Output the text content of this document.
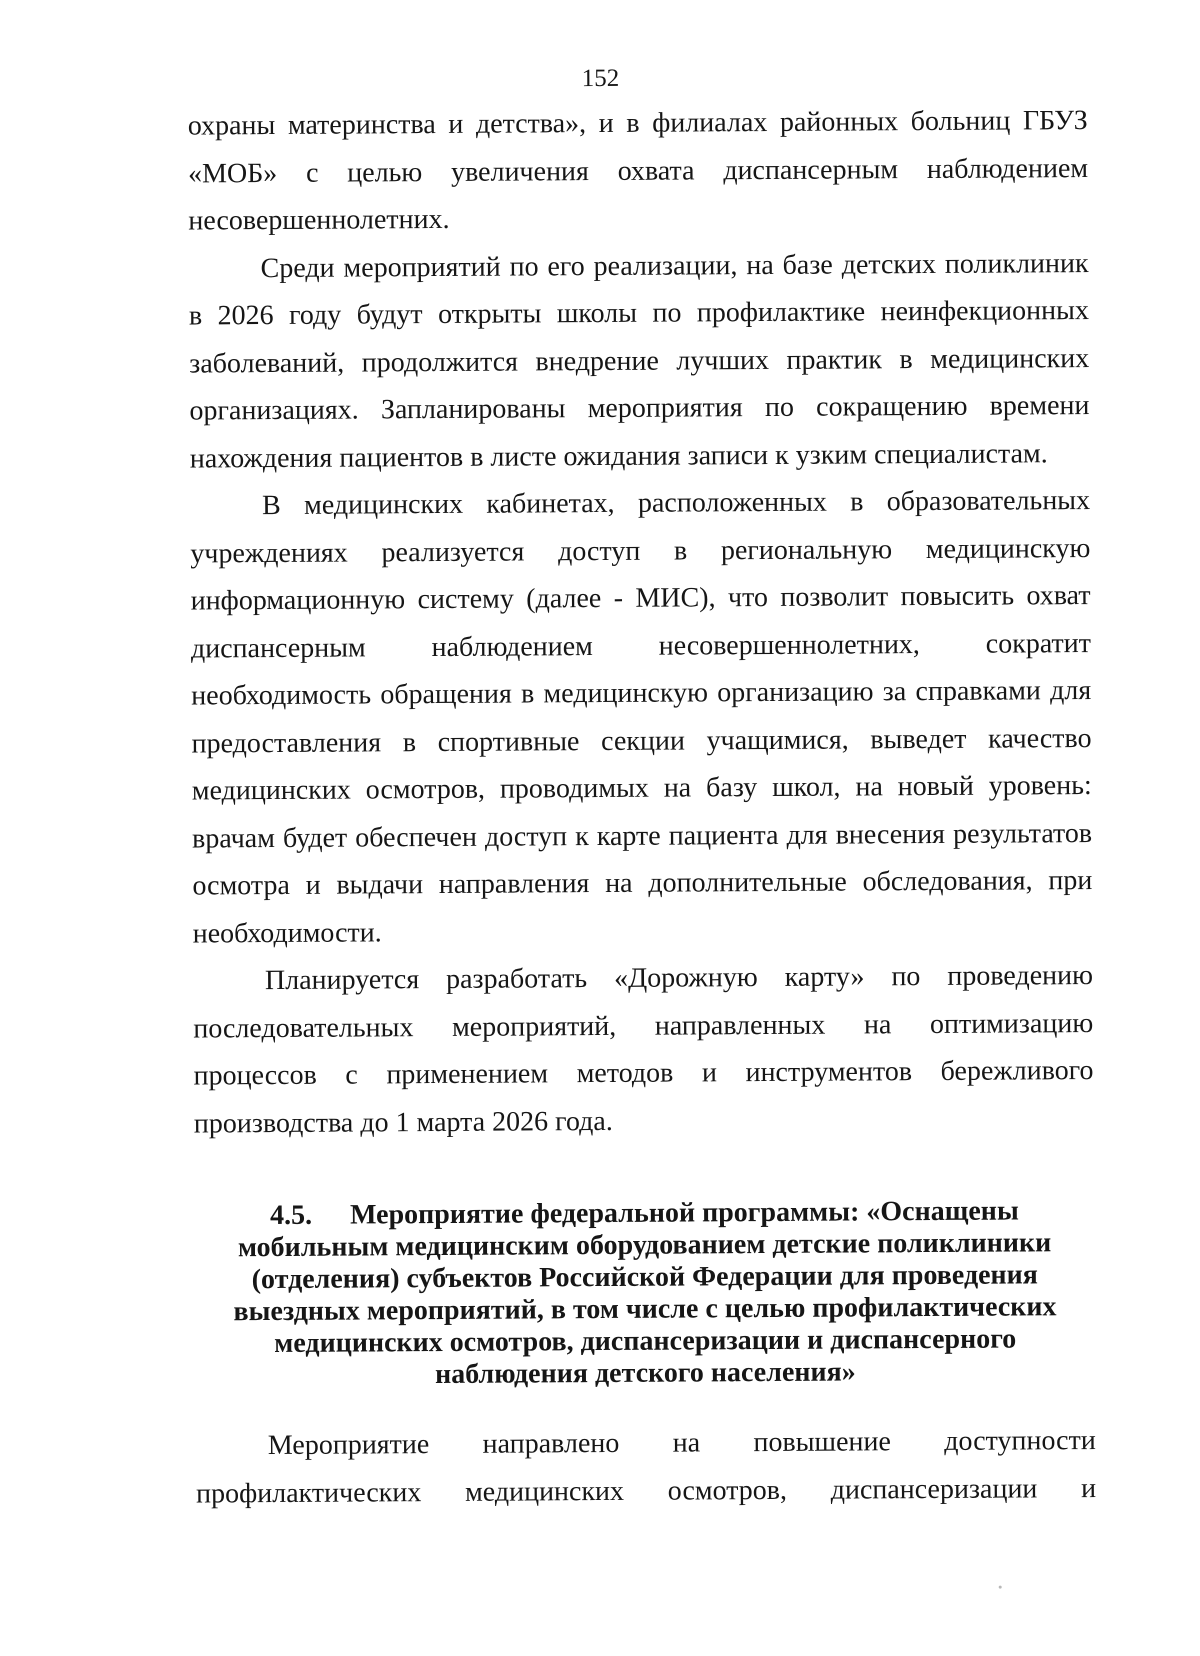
152

охраны материнства и детства», и в филиалах районных больниц ГБУЗ
«МОБ» с целью увеличения охвата диспансерным наблюдением
несовершеннолетних.

Среди мероприятий по его реализации, на базе детских поликлиник
в 2026 году будут открыты школы по профилактике неинфекционных
заболеваний, продолжится внедрение лучших практик в медицинских
организациях. Запланированы мероприятия по сокращению времени
нахождения пациентов в листе ожидания записи к узким специалистам.

В медицинских кабинетах, расположенных в образовательных
учреждениях реализуется доступ в региональную медицинскую
информационную систему (далее - МИС), что позволит повысить охват
диспансерным наблюдением несовершеннолетних, сократит
необходимость обращения в медицинскую организацию за справками для
предоставления в спортивные секции учащимися, выведет качество
медицинских осмотров, проводимых на базу школ, на новый уровень:
врачам будет обеспечен доступ к карте пациента для внесения результатов
осмотра и выдачи направления на дополнительные обследования, при
необходимости.

Планируется разработать «Дорожную карту» по проведению
последовательных мероприятий, направленных на оптимизацию
процессов с применением методов и инструментов бережливого
производства до 1 марта 2026 года.

4.5. Мероприятие федеральной программы: «Оснащены
мобильным медицинским оборудованием детские поликлиники
(отделения) субъектов Российской Федерации для проведения
выездных мероприятий, в том числе с целью профилактических
медицинских осмотров, диспансеризации и диспансерного
наблюдения детского населения»
Мероприятие направлено на повышение доступности
профилактических медицинских осмотров, диспансеризации и
